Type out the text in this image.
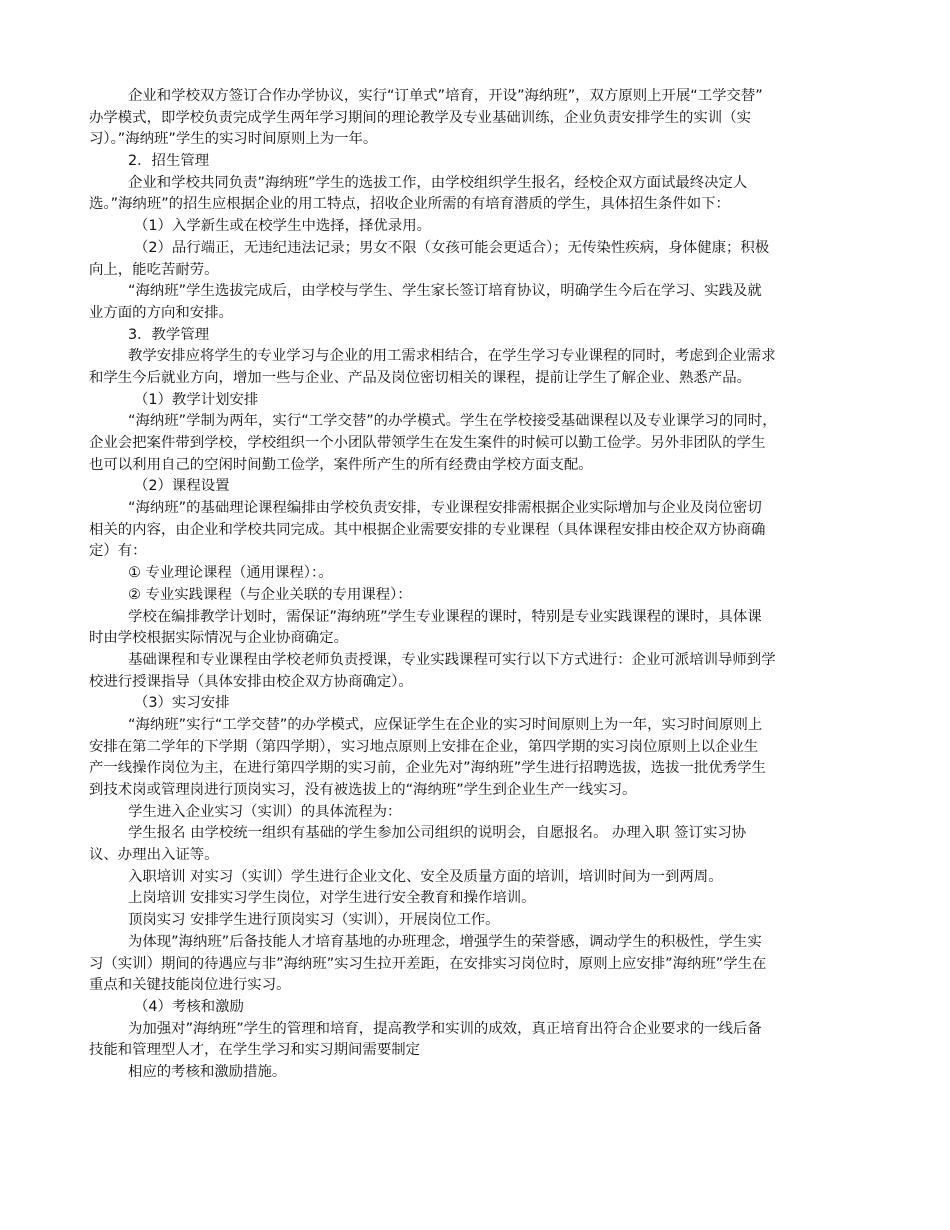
企业和学校双方签订合作办学协议，实行“订单式”培育，开设”海纳班”，双方原则上开展“工学交替”
办学模式，即学校负责完成学生两年学习期间的理论教学及专业基础训练，企业负责安排学生的实训（实
习）。”海纳班”学生的实习时间原则上为一年。
2．招生管理
企业和学校共同负责”海纳班”学生的选拔工作，由学校组织学生报名，经校企双方面试最终决定人
选。”海纳班”的招生应根据企业的用工特点，招收企业所需的有培育潜质的学生，具体招生条件如下：
（1）入学新生或在校学生中选择，择优录用。
（2）品行端正，无违纪违法记录；男女不限（女孩可能会更适合）；无传染性疾病，身体健康；积极
向上，能吃苦耐劳。
“海纳班”学生选拔完成后，由学校与学生、学生家长签订培育协议，明确学生今后在学习、实践及就
业方面的方向和安排。
3．教学管理
教学安排应将学生的专业学习与企业的用工需求相结合，在学生学习专业课程的同时，考虑到企业需求
和学生今后就业方向，增加一些与企业、产品及岗位密切相关的课程，提前让学生了解企业、熟悉产品。
（1）教学计划安排
“海纳班”学制为两年，实行“工学交替”的办学模式。学生在学校接受基础课程以及专业课学习的同时，
企业会把案件带到学校，学校组织一个小团队带领学生在发生案件的时候可以勤工俭学。另外非团队的学生
也可以利用自己的空闲时间勤工俭学，案件所产生的所有经费由学校方面支配。
（2）课程设置
“海纳班”的基础理论课程编排由学校负责安排，专业课程安排需根据企业实际增加与企业及岗位密切
相关的内容，由企业和学校共同完成。其中根据企业需要安排的专业课程（具体课程安排由校企双方协商确
定）有：
① 专业理论课程（通用课程）：。
② 专业实践课程（与企业关联的专用课程）：
学校在编排教学计划时，需保证”海纳班”学生专业课程的课时，特别是专业实践课程的课时，具体课
时由学校根据实际情况与企业协商确定。
基础课程和专业课程由学校老师负责授课，专业实践课程可实行以下方式进行：企业可派培训导师到学
校进行授课指导（具体安排由校企双方协商确定）。
（3）实习安排
“海纳班”实行“工学交替”的办学模式，应保证学生在企业的实习时间原则上为一年，实习时间原则上
安排在第二学年的下学期（第四学期），实习地点原则上安排在企业，第四学期的实习岗位原则上以企业生
产一线操作岗位为主，在进行第四学期的实习前，企业先对”海纳班”学生进行招聘选拔，选拔一批优秀学生
到技术岗或管理岗进行顶岗实习，没有被选拔上的“海纳班”学生到企业生产一线实习。
学生进入企业实习（实训）的具体流程为：
学生报名 由学校统一组织有基础的学生参加公司组织的说明会，自愿报名。 办理入职 签订实习协
议、办理出入证等。
入职培训 对实习（实训）学生进行企业文化、安全及质量方面的培训，培训时间为一到两周。
上岗培训 安排实习学生岗位，对学生进行安全教育和操作培训。
顶岗实习 安排学生进行顶岗实习（实训），开展岗位工作。
为体现”海纳班”后备技能人才培育基地的办班理念，增强学生的荣誉感，调动学生的积极性，学生实
习（实训）期间的待遇应与非”海纳班”实习生拉开差距，在安排实习岗位时，原则上应安排”海纳班”学生在
重点和关键技能岗位进行实习。
（4）考核和激励
为加强对”海纳班”学生的管理和培育，提高教学和实训的成效，真正培育出符合企业要求的一线后备
技能和管理型人才，在学生学习和实习期间需要制定
相应的考核和激励措施。
